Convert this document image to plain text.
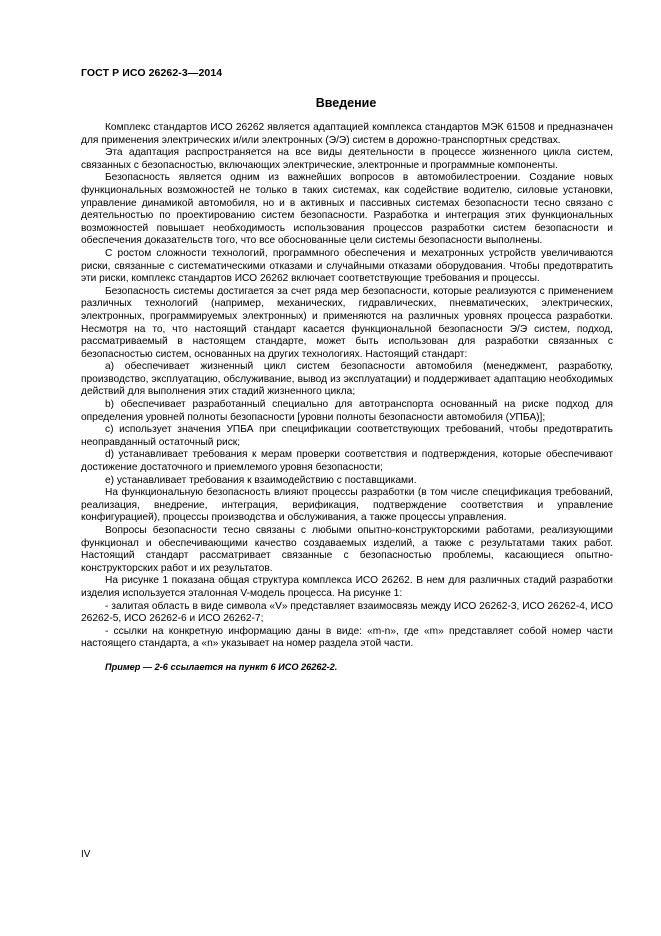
ГОСТ Р ИСО 26262-3—2014
Введение

Комплекс стандартов ИСО 26262 является адаптацией комплекса стандартов МЭК 61508 и предназначен для применения электрических и/или электронных (Э/Э) систем в дорожно-транспортных средствах.

Эта адаптация распространяется на все виды деятельности в процессе жизненного цикла систем, связанных с безопасностью, включающих электрические, электронные и программные компоненты.

Безопасность является одним из важнейших вопросов в автомобилестроении. Создание новых функциональных возможностей не только в таких системах, как содействие водителю, силовые установки, управление динамикой автомобиля, но и в активных и пассивных системах безопасности тесно связано с деятельностью по проектированию систем безопасности. Разработка и интеграция этих функциональных возможностей повышает необходимость использования процессов разработки систем безопасности и обеспечения доказательств того, что все обоснованные цели системы безопасности выполнены.

С ростом сложности технологий, программного обеспечения и мехатронных устройств увеличиваются риски, связанные с систематическими отказами и случайными отказами оборудования. Чтобы предотвратить эти риски, комплекс стандартов ИСО 26262 включает соответствующие требования и процессы.

Безопасность системы достигается за счет ряда мер безопасности, которые реализуются с применением различных технологий (например, механических, гидравлических, пневматических, электрических, электронных, программируемых электронных) и применяются на различных уровнях процесса разработки. Несмотря на то, что настоящий стандарт касается функциональной безопасности Э/Э систем, подход, рассматриваемый в настоящем стандарте, может быть использован для разработки связанных с безопасностью систем, основанных на других технологиях. Настоящий стандарт:

а) обеспечивает жизненный цикл систем безопасности автомобиля (менеджмент, разработку, производство, эксплуатацию, обслуживание, вывод из эксплуатации) и поддерживает адаптацию необходимых действий для выполнения этих стадий жизненного цикла;

b) обеспечивает разработанный специально для автотранспорта основанный на риске подход для определения уровней полноты безопасности [уровни полноты безопасности автомобиля (УПБА)];

c) использует значения УПБА при спецификации соответствующих требований, чтобы предотвратить неоправданный остаточный риск;

d) устанавливает требования к мерам проверки соответствия и подтверждения, которые обеспечивают достижение достаточного и приемлемого уровня безопасности;

e) устанавливает требования к взаимодействию с поставщиками.

На функциональную безопасность влияют процессы разработки (в том числе спецификация требований, реализация, внедрение, интеграция, верификация, подтверждение соответствия и управление конфигурацией), процессы производства и обслуживания, а также процессы управления.

Вопросы безопасности тесно связаны с любыми опытно-конструкторскими работами, реализующими функционал и обеспечивающими качество создаваемых изделий, а также с результатами таких работ. Настоящий стандарт рассматривает связанные с безопасностью проблемы, касающиеся опытно-конструкторских работ и их результатов.

На рисунке 1 показана общая структура комплекса ИСО 26262. В нем для различных стадий разработки изделия используется эталонная V-модель процесса. На рисунке 1:

- залитая область в виде символа «V» представляет взаимосвязь между ИСО 26262-3, ИСО 26262-4, ИСО 26262-5, ИСО 26262-6 и ИСО 26262-7;

- ссылки на конкретную информацию даны в виде: «m-n», где «m» представляет собой номер части настоящего стандарта, а «n» указывает на номер раздела этой части.

Пример — 2-6 ссылается на пункт 6 ИСО 26262-2.

IV
